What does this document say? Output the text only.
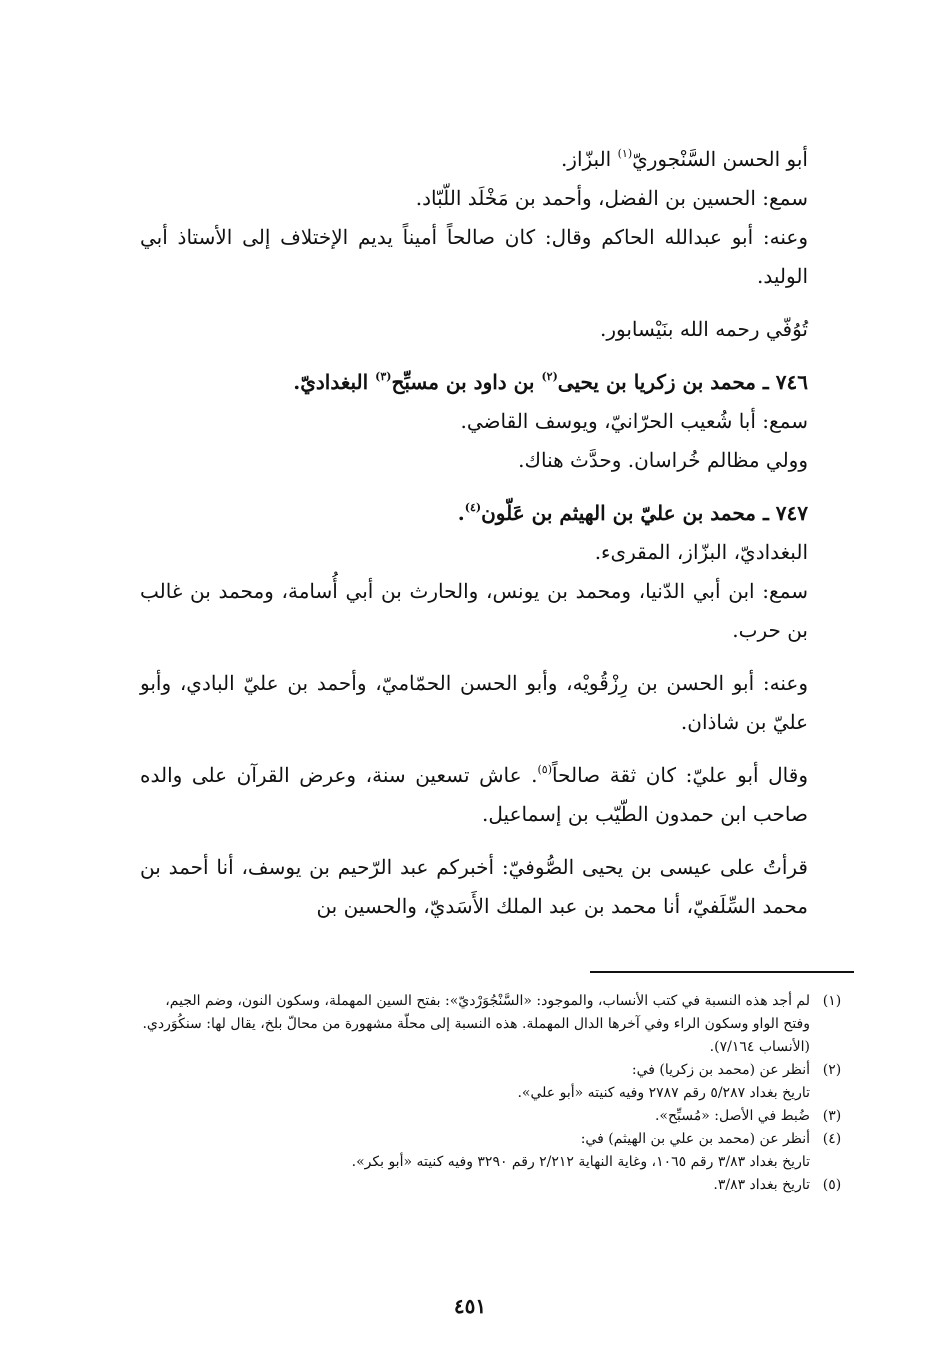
أبو الحسن السَّنْجوريّ$^{(١)}$ البزّاز.

سمع: الحسين بن الفضل، وأحمد بن مَخْلَد اللّبّاد.

وعنه: أبو عبدالله الحاكم وقال: كان صالحاً أميناً يديم الإختلاف إلى الأستاذ أبي الوليد.

تُوُفّي رحمه الله بنَيْسابور.

٧٤٦ ـ محمد بن زكريا بن يحيى$^{(٢)}$ بن داود بن مسبِّح$^{(٣)}$ البغداديّ.

سمع: أبا شُعيب الحرّانيّ، ويوسف القاضي.

وولي مظالم خُراسان. وحدَّث هناك.

٧٤٧ ـ محمد بن عليّ بن الهيثم بن عَلّون$^{(٤)}$.

البغداديّ، البزّاز، المقرىء.

سمع: ابن أبي الدّنيا، ومحمد بن يونس، والحارث بن أبي أُسامة، ومحمد بن غالب بن حرب.

وعنه: أبو الحسن بن رِزْقُويْه، وأبو الحسن الحمّاميّ، وأحمد بن عليّ البادي، وأبو عليّ بن شاذان.

وقال أبو عليّ: كان ثقة صالحاً$^{(٥)}$. عاش تسعين سنة، وعرض القرآن على والده صاحب ابن حمدون الطّيّب بن إسماعيل.

قرأتُ على عيسى بن يحيى الصُّوفيّ: أخبركم عبد الرّحيم بن يوسف، أنا أحمد بن محمد السِّلَفيّ، أنا محمد بن عبد الملك الأَسَديّ، والحسين بن

(١)

لم أجد هذه النسبة في كتب الأنساب، والموجود: «السَّنْجُوَرْديّ»: بفتح السين المهملة، وسكون النون، وضم الجيم، وفتح الواو وسكون الراء وفي آخرها الدال المهملة. هذه النسبة إلى محلّة مشهورة من محالّ بلخ، يقال لها: سنكُوَردي. (الأنساب ٧/١٦٤).

(٢)

أنظر عن (محمد بن زكريا) في:

تاريخ بغداد ٥/٢٨٧ رقم ٢٧٨٧ وفيه كنيته «أبو علي».

(٣)

ضُبط في الأصل: «مُسبِّح».

(٤)

أنظر عن (محمد بن علي بن الهيثم) في:

تاريخ بغداد ٣/٨٣ رقم ١٠٦٥، وغاية النهاية ٢/٢١٢ رقم ٣٢٩٠ وفيه كنيته «أبو بكر».

(٥)

تاريخ بغداد ٣/٨٣.

٤٥١
